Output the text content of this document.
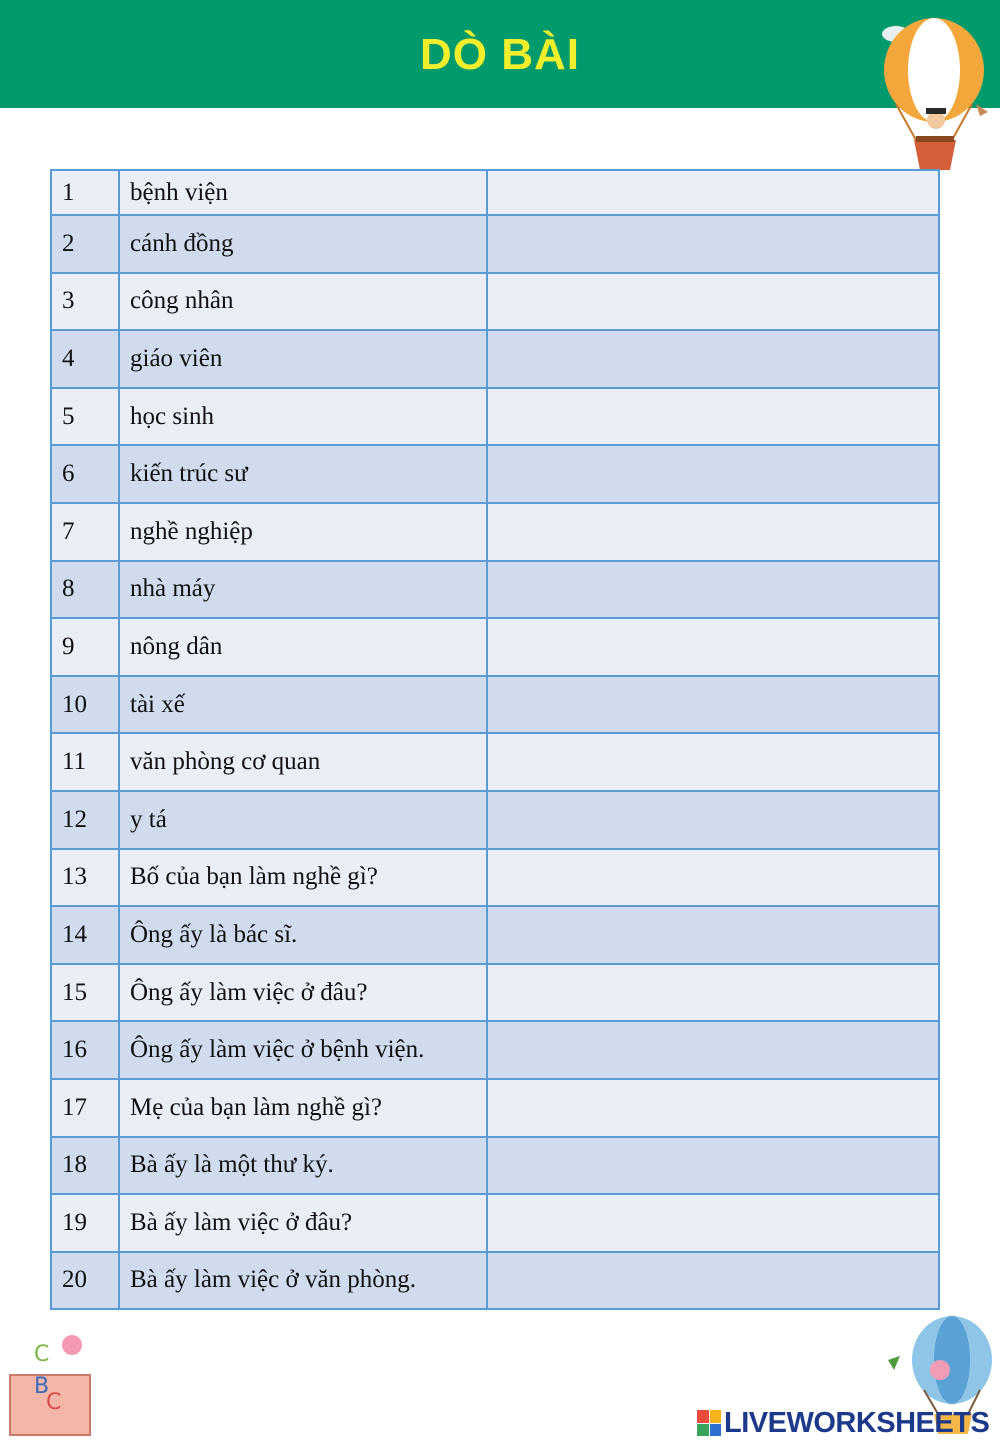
DÒ BÀI
1	bệnh viện	
2	cánh đồng	
3	công nhân	
4	giáo viên	
5	học sinh	
6	kiến trúc sư	
7	nghề nghiệp	
8	nhà máy	
9	nông dân	
10	tài xế	
11	văn phòng cơ quan	
12	y tá	
13	Bố của bạn làm nghề gì?	
14	Ông ấy là bác sĩ.	
15	Ông ấy làm việc ở đâu?	
16	Ông ấy làm việc ở bệnh viện.	
17	Mẹ của bạn làm nghề gì?	
18	Bà ấy là một thư ký.	
19	Bà ấy làm việc ở đâu?	
20	Bà ấy làm việc ở văn phòng.	
C
B
C
LIVEWORKSHEETS
